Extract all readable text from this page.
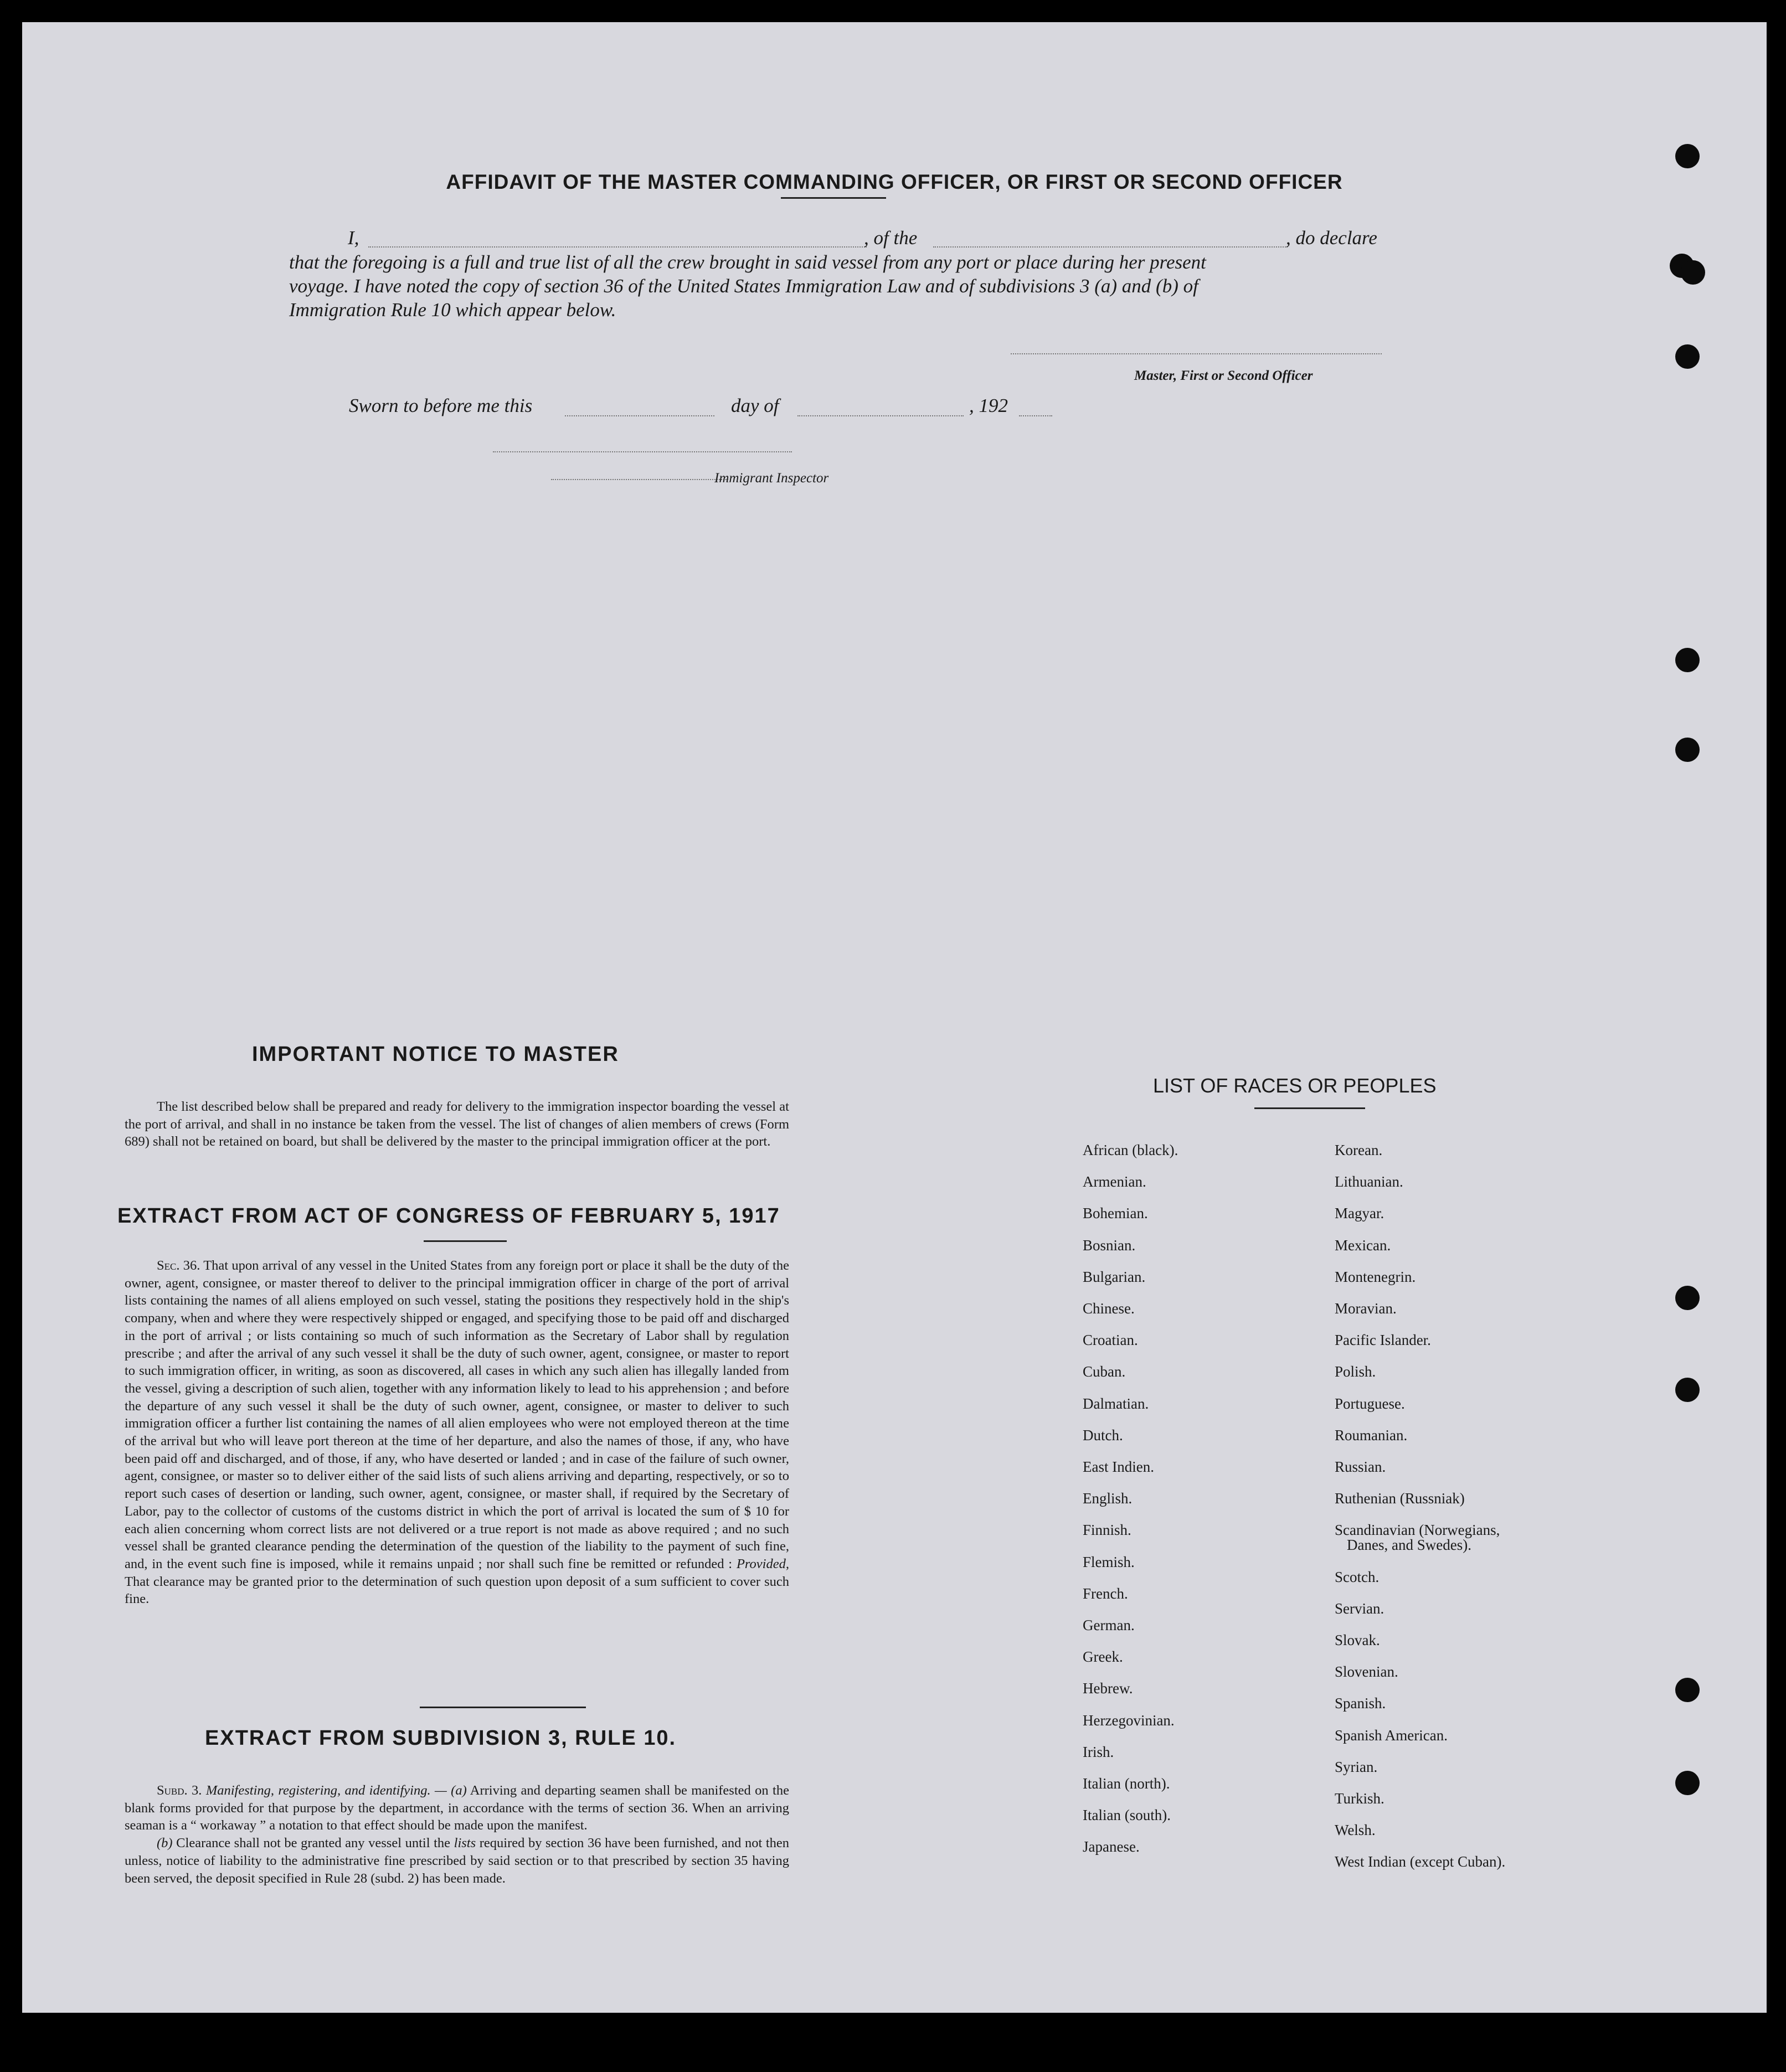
AFFIDAVIT OF THE MASTER COMMANDING OFFICER, OR FIRST OR SECOND OFFICER
I,	, of the	, do declare
that the foregoing is a full and true list of all the crew brought in said vessel from any port or place during her present
voyage. I have noted the copy of section 36 of the United States Immigration Law and of subdivisions 3 (a) and (b) of
Immigration Rule 10 which appear below.
Master, First or Second Officer
Sworn to before me this	day of	, 192
Immigrant Inspector
IMPORTANT NOTICE TO MASTER

The list described below shall be prepared and ready for delivery to the immigration inspector boarding the vessel at the port of arrival, and shall in no instance be taken from the vessel. The list of changes of alien members of crews (Form 689) shall not be retained on board, but shall be delivered by the master to the principal immigration officer at the port.

EXTRACT FROM ACT OF CONGRESS OF FEBRUARY 5, 1917

Sec. 36. That upon arrival of any vessel in the United States from any foreign port or place it shall be the duty of the owner, agent, consignee, or master thereof to deliver to the principal immigration officer in charge of the port of arrival lists containing the names of all aliens employed on such vessel, stating the positions they respectively hold in the ship's company, when and where they were respectively shipped or engaged, and specifying those to be paid off and discharged in the port of arrival ; or lists containing so much of such information as the Secretary of Labor shall by regulation prescribe ; and after the arrival of any such vessel it shall be the duty of such owner, agent, consignee, or master to report to such immigration officer, in writing, as soon as discovered, all cases in which any such alien has illegally landed from the vessel, giving a description of such alien, together with any information likely to lead to his apprehension ; and before the departure of any such vessel it shall be the duty of such owner, agent, consignee, or master to deliver to such immigration officer a further list containing the names of all alien employees who were not employed thereon at the time of the arrival but who will leave port thereon at the time of her departure, and also the names of those, if any, who have been paid off and discharged, and of those, if any, who have deserted or landed ; and in case of the failure of such owner, agent, consignee, or master so to deliver either of the said lists of such aliens arriving and departing, respectively, or so to report such cases of desertion or landing, such owner, agent, consignee, or master shall, if required by the Secretary of Labor, pay to the collector of customs of the customs district in which the port of arrival is located the sum of $ 10 for each alien concerning whom correct lists are not delivered or a true report is not made as above required ; and no such vessel shall be granted clearance pending the determination of the question of the liability to the payment of such fine, and, in the event such fine is imposed, while it remains unpaid ; nor shall such fine be remitted or refunded : Provided, That clearance may be granted prior to the determination of such question upon deposit of a sum sufficient to cover such fine.

EXTRACT FROM SUBDIVISION 3, RULE 10.

Subd. 3. Manifesting, registering, and identifying. — (a) Arriving and departing seamen shall be manifested on the blank forms provided for that purpose by the department, in accordance with the terms of section 36. When an arriving seaman is a “ workaway ” a notation to that effect should be made upon the manifest.

(b) Clearance shall not be granted any vessel until the lists required by section 36 have been furnished, and not then unless, notice of liability to the administrative fine prescribed by said section or to that prescribed by section 35 having been served, the deposit specified in Rule 28 (subd. 2) has been made.

LIST OF RACES OR PEOPLES
African (black).
Armenian.
Bohemian.
Bosnian.
Bulgarian.
Chinese.
Croatian.
Cuban.
Dalmatian.
Dutch.
East Indien.
English.
Finnish.
Flemish.
French.
German.
Greek.
Hebrew.
Herzegovinian.
Irish.
Italian (north).
Italian (south).
Japanese.
Korean.
Lithuanian.
Magyar.
Mexican.
Montenegrin.
Moravian.
Pacific Islander.
Polish.
Portuguese.
Roumanian.
Russian.
Ruthenian (Russniak)
Scandinavian (Norwegians,
Danes, and Swedes).
Scotch.
Servian.
Slovak.
Slovenian.
Spanish.
Spanish American.
Syrian.
Turkish.
Welsh.
West Indian (except Cuban).
